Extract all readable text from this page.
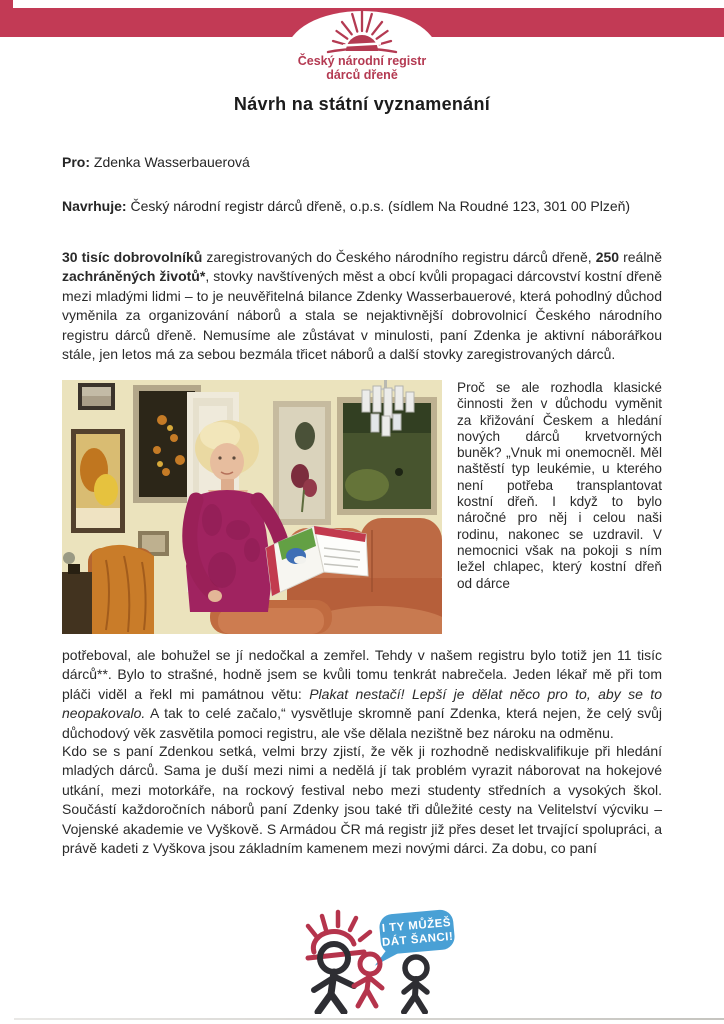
Český národní registr
dárců dřeně
Návrh na státní vyznamenání
Pro: Zdenka Wasserbauerová
Navrhuje: Český národní registr dárců dřeně, o.p.s. (sídlem Na Roudné 123, 301 00 Plzeň)

30 tisíc dobrovolníků zaregistrovaných do Českého národního registru dárců dřeně, 250 reálně zachráněných životů*, stovky navštívených měst a obcí kvůli propagaci dárcovství kostní dřeně mezi mladými lidmi – to je neuvěřitelná bilance Zdenky Wasserbauerové, která pohodlný důchod vyměnila za organizování náborů a stala se nejaktivnější dobrovolnicí Českého národního registru dárců dřeně. Nemusíme ale zůstávat v minulosti, paní Zdenka je aktivní náborářkou stále, jen letos má za sebou bezmála třicet náborů a další stovky zaregistrovaných dárců.

Proč se ale rozhodla klasické činnosti žen v důchodu vyměnit za křižování Českem a hledání nových dárců krvetvorných buněk? „Vnuk mi onemocněl. Měl naštěstí typ leukémie, u kterého není potřeba transplantovat kostní dřeň. I když to bylo náročné pro něj i celou naši rodinu, nakonec se uzdravil. V nemocnici však na pokoji s ním ležel chlapec, který kostní dřeň od dárce

potřeboval, ale bohužel se jí nedočkal a zemřel. Tehdy v našem registru bylo totiž jen 11 tisíc dárců**. Bylo to strašné, hodně jsem se kvůli tomu tenkrát nabrečela. Jeden lékař mě při tom pláči viděl a řekl mi památnou větu: Plakat nestačí! Lepší je dělat něco pro to, aby se to neopakovalo. A tak to celé začalo,“ vysvětluje skromně paní Zdenka, která nejen, že celý svůj důchodový věk zasvětila pomoci registru, ale vše dělala nezištně bez nároku na odměnu.

Kdo se s paní Zdenkou setká, velmi brzy zjistí, že věk ji rozhodně nediskvalifikuje při hledání mladých dárců. Sama je duší mezi nimi a nedělá jí tak problém vyrazit náborovat na hokejové utkání, mezi motorkáře, na rockový festival nebo mezi studenty středních a vysokých škol. Součástí každoročních náborů paní Zdenky jsou také tři důležité cesty na Velitelství výcviku – Vojenské akademie ve Vyškově. S Armádou ČR má registr již přes deset let trvající spolupráci, a právě kadeti z Vyškova jsou základním kamenem mezi novými dárci. Za dobu, co paní

I TY MŮŽEŠ
DÁT ŠANCI!
